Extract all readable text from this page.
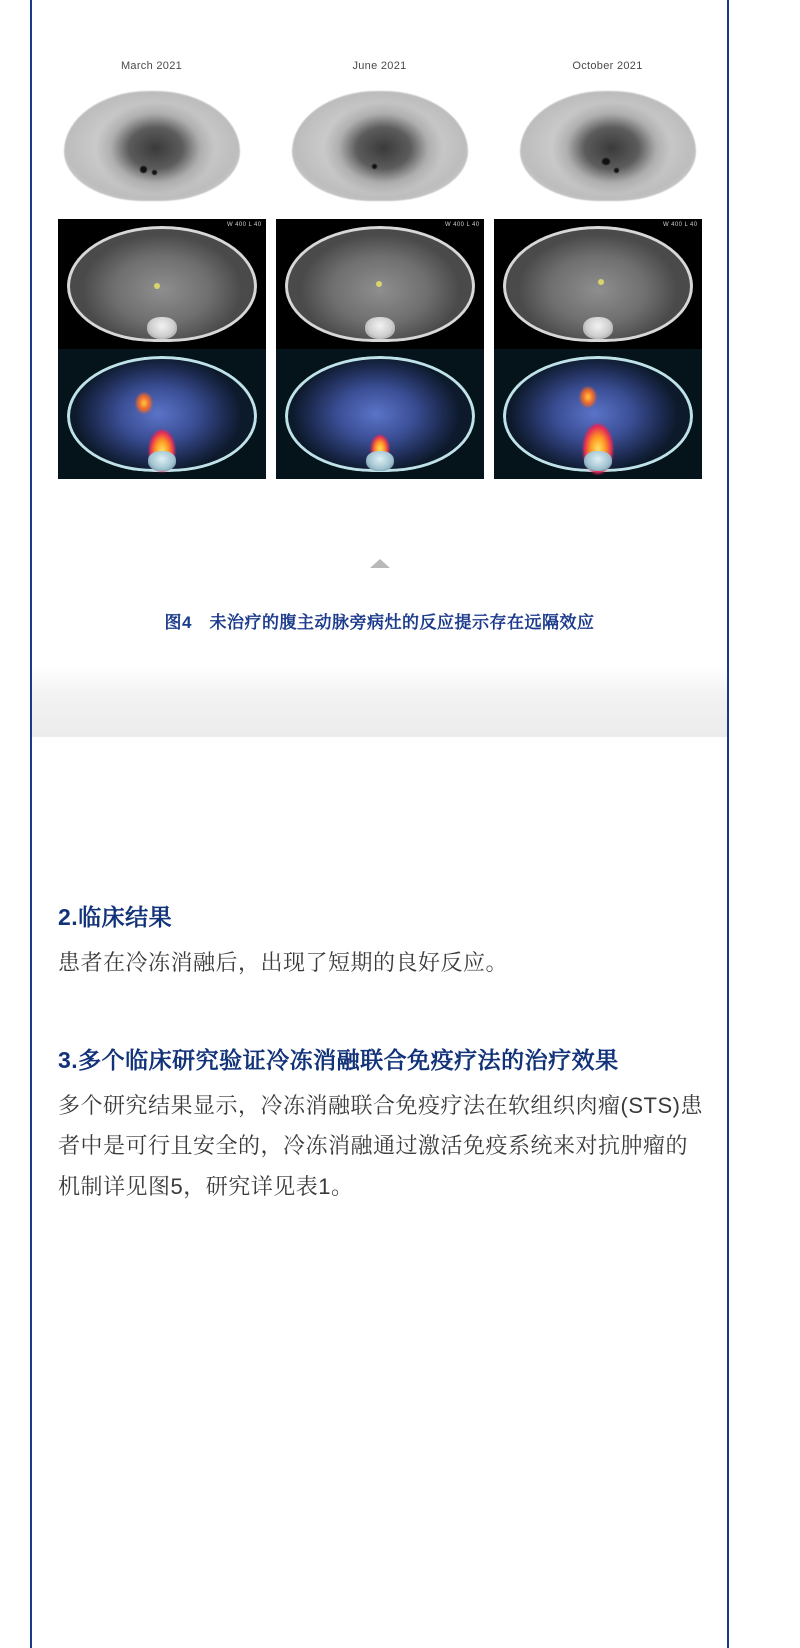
March 2021	June 2021	October 2021
W 400 L 40	W 400 L 40	W 400 L 40
图4　未治疗的腹主动脉旁病灶的反应提示存在远隔效应
2.临床结果

患者在冷冻消融后，出现了短期的良好反应。

3.多个临床研究验证冷冻消融联合免疫疗法的治疗效果

多个研究结果显示，冷冻消融联合免疫疗法在软组织肉瘤(STS)患者中是可行且安全的，冷冻消融通过激活免疫系统来对抗肿瘤的机制详见图5，研究详见表1。
